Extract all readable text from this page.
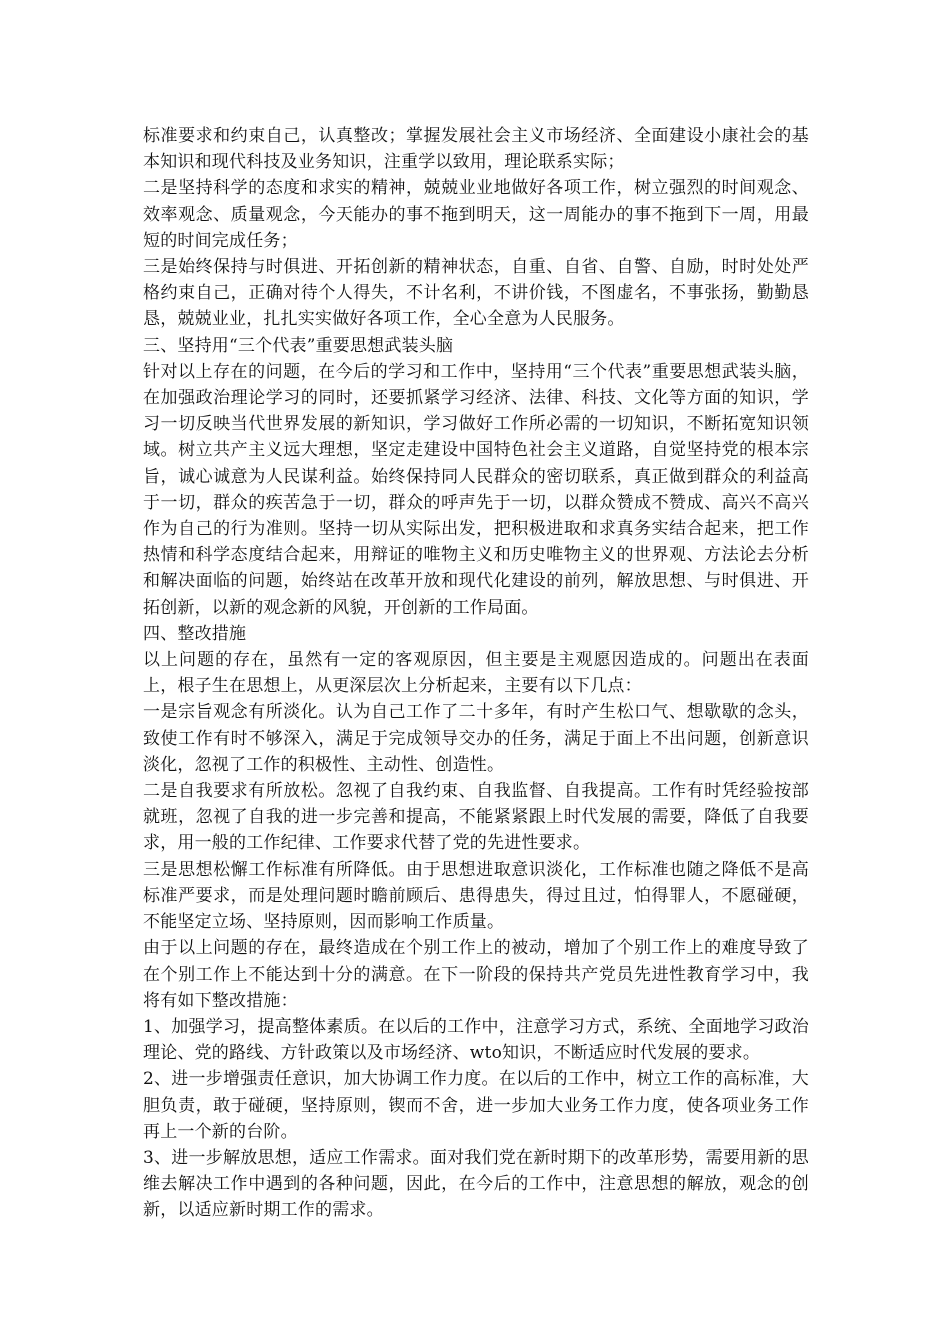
标准要求和约束自己，认真整改；掌握发展社会主义市场经济、全面建设小康社会的基本知识和现代科技及业务知识，注重学以致用，理论联系实际；

二是坚持科学的态度和求实的精神，兢兢业业地做好各项工作，树立强烈的时间观念、效率观念、质量观念，今天能办的事不拖到明天，这一周能办的事不拖到下一周，用最短的时间完成任务；

三是始终保持与时俱进、开拓创新的精神状态，自重、自省、自警、自励，时时处处严格约束自己，正确对待个人得失，不计名利，不讲价钱，不图虚名，不事张扬，勤勤恳恳，兢兢业业，扎扎实实做好各项工作，全心全意为人民服务。

三、坚持用“三个代表”重要思想武装头脑

针对以上存在的问题，在今后的学习和工作中，坚持用“三个代表”重要思想武装头脑，在加强政治理论学习的同时，还要抓紧学习经济、法律、科技、文化等方面的知识，学习一切反映当代世界发展的新知识，学习做好工作所必需的一切知识，不断拓宽知识领域。树立共产主义远大理想，坚定走建设中国特色社会主义道路，自觉坚持党的根本宗旨，诚心诚意为人民谋利益。始终保持同人民群众的密切联系，真正做到群众的利益高于一切，群众的疾苦急于一切，群众的呼声先于一切，以群众赞成不赞成、高兴不高兴作为自己的行为准则。坚持一切从实际出发，把积极进取和求真务实结合起来，把工作热情和科学态度结合起来，用辩证的唯物主义和历史唯物主义的世界观、方法论去分析和解决面临的问题，始终站在改革开放和现代化建设的前列，解放思想、与时俱进、开拓创新，以新的观念新的风貌，开创新的工作局面。

四、整改措施

以上问题的存在，虽然有一定的客观原因，但主要是主观愿因造成的。问题出在表面上，根子生在思想上，从更深层次上分析起来，主要有以下几点：

一是宗旨观念有所淡化。认为自己工作了二十多年，有时产生松口气、想歇歇的念头，致使工作有时不够深入，满足于完成领导交办的任务，满足于面上不出问题，创新意识淡化，忽视了工作的积极性、主动性、创造性。

二是自我要求有所放松。忽视了自我约束、自我监督、自我提高。工作有时凭经验按部就班，忽视了自我的进一步完善和提高，不能紧紧跟上时代发展的需要，降低了自我要求，用一般的工作纪律、工作要求代替了党的先进性要求。

三是思想松懈工作标准有所降低。由于思想进取意识淡化，工作标准也随之降低不是高标准严要求，而是处理问题时瞻前顾后、患得患失，得过且过，怕得罪人，不愿碰硬，不能坚定立场、坚持原则，因而影响工作质量。

由于以上问题的存在，最终造成在个别工作上的被动，增加了个别工作上的难度导致了在个别工作上不能达到十分的满意。在下一阶段的保持共产党员先进性教育学习中，我将有如下整改措施：

1、加强学习，提高整体素质。在以后的工作中，注意学习方式，系统、全面地学习政治理论、党的路线、方针政策以及市场经济、wto知识，不断适应时代发展的要求。

2、进一步增强责任意识，加大协调工作力度。在以后的工作中，树立工作的高标准，大胆负责，敢于碰硬，坚持原则，锲而不舍，进一步加大业务工作力度，使各项业务工作再上一个新的台阶。

3、进一步解放思想，适应工作需求。面对我们党在新时期下的改革形势，需要用新的思维去解决工作中遇到的各种问题，因此，在今后的工作中，注意思想的解放，观念的创新，以适应新时期工作的需求。
